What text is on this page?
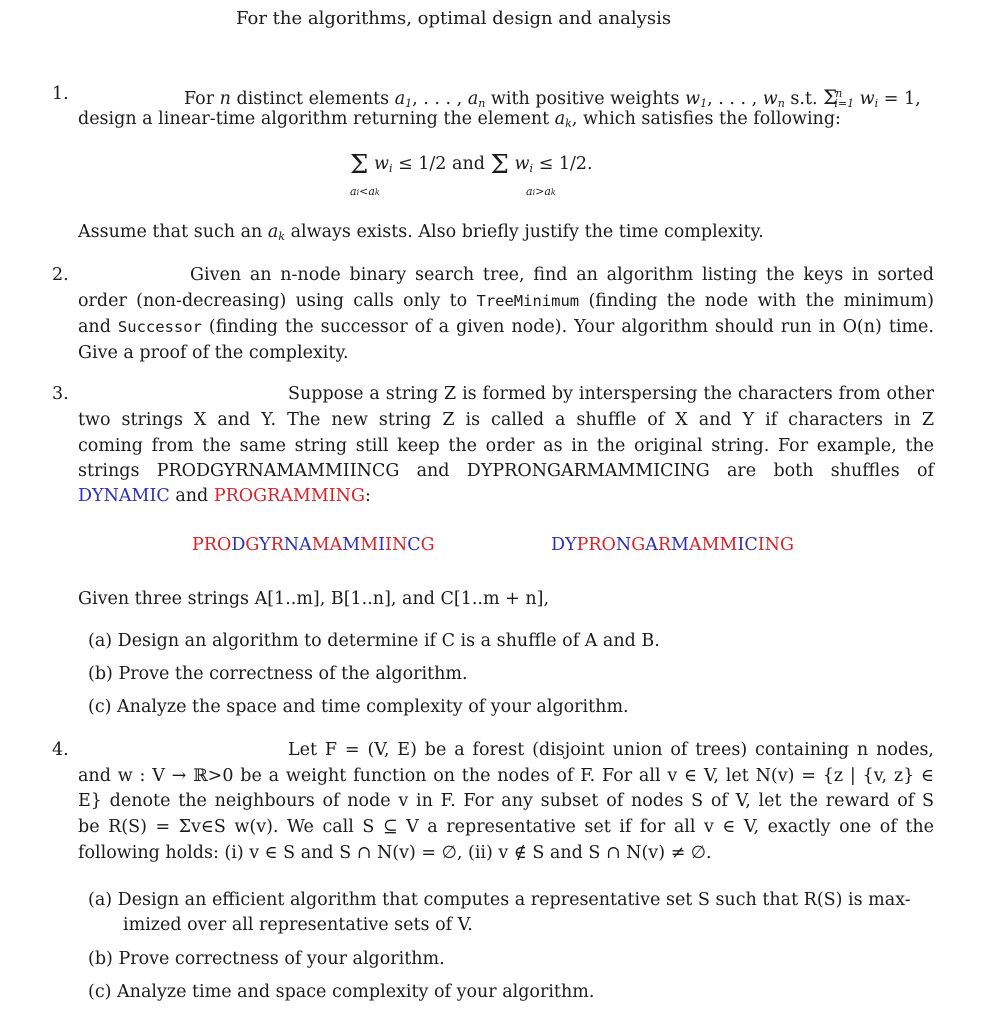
For the algorithms, optimal design and analysis
1.	For n distinct elements $a_1$, . . . , $a_n$ with positive weights $w_1$, . . . , $w_n$ s.t. $\Sigma^n_{i=1}$ $w_i = 1$,
design a linear-time algorithm returning the element $a_k$, which satisfies the following:
Σ $w_i \le 1/2$ and Σ $w_i \le 1/2$.
ai<ak	ai>ak
Assume that such an $a_k$ always exists. Also briefly justify the time complexity.
2.	Given an n-node binary search tree, find an algorithm listing the keys in sorted
order (non-decreasing) using calls only to TreeMinimum (finding the node with the minimum)
and Successor (finding the successor of a given node). Your algorithm should run in O(n) time.
Give a proof of the complexity.
3.	Suppose a string Z is formed by interspersing the characters from other
two strings X and Y. The new string Z is called a shuffle of X and Y if characters in Z
coming from the same string still keep the order as in the original string. For example, the
strings PRODGYRNAMAMMIINCG and DYPRONGARMAMMICING are both shuffles of
DYNAMIC and PROGRAMMING:
PRODGYRNAMAMMIINCG	DYPRONGARMAMMICING
Given three strings A[1..m], B[1..n], and C[1..m + n],
(a) Design an algorithm to determine if C is a shuffle of A and B.
(b) Prove the correctness of the algorithm.
(c) Analyze the space and time complexity of your algorithm.
4.	Let F = (V, E) be a forest (disjoint union of trees) containing n nodes,
and w : V → ℝ>0 be a weight function on the nodes of F. For all v ∈ V, let N(v) = {z | {v, z} ∈
E} denote the neighbours of node v in F. For any subset of nodes S of V, let the reward of S
be R(S) = Σv∈S w(v). We call S ⊆ V a representative set if for all v ∈ V, exactly one of the
following holds: (i) v ∈ S and S ∩ N(v) = ∅, (ii) v ∉ S and S ∩ N(v) ≠ ∅.
(a) Design an efficient algorithm that computes a representative set S such that R(S) is max-
imized over all representative sets of V.
(b) Prove correctness of your algorithm.
(c) Analyze time and space complexity of your algorithm.
